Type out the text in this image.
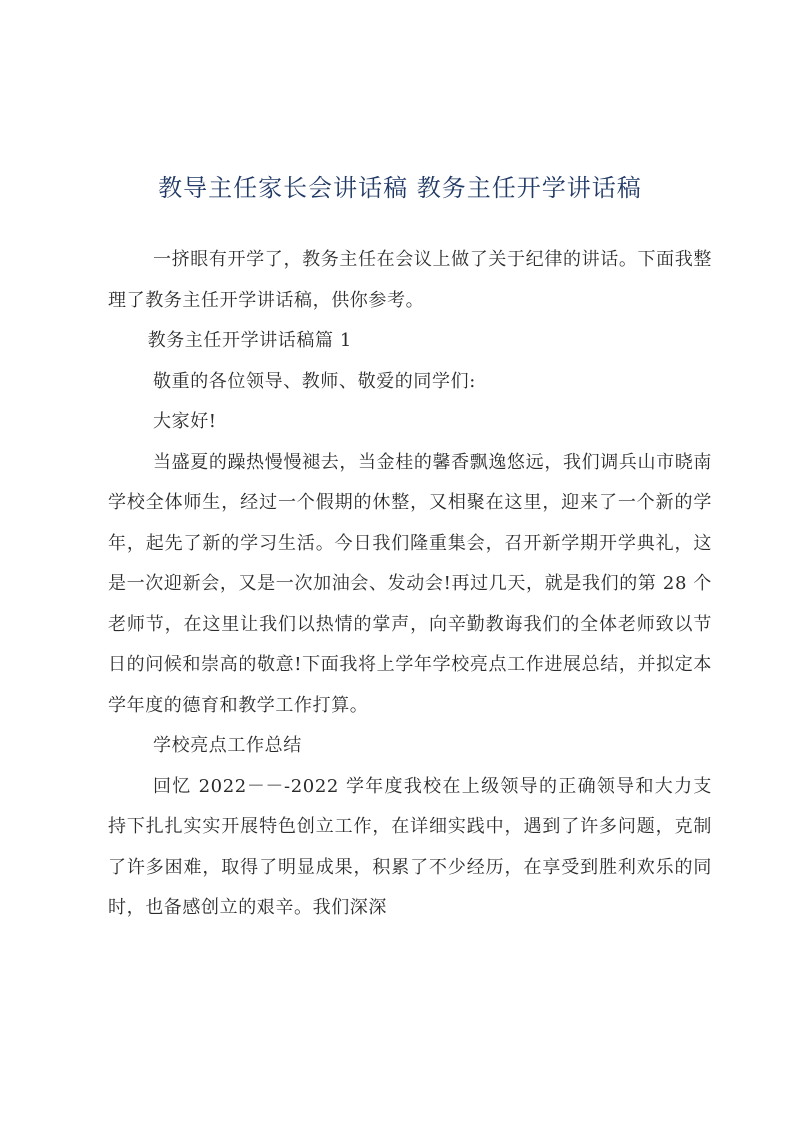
教导主任家长会讲话稿 教务主任开学讲话稿

一挤眼有开学了，教务主任在会议上做了关于纪律的讲话。下面我整理了教务主任开学讲话稿，供你参考。

教务主任开学讲话稿篇 1

敬重的各位领导、教师、敬爱的同学们:

大家好!

当盛夏的躁热慢慢褪去，当金桂的馨香飘逸悠远，我们调兵山市晓南学校全体师生，经过一个假期的休整，又相聚在这里，迎来了一个新的学年，起先了新的学习生活。今日我们隆重集会，召开新学期开学典礼，这是一次迎新会，又是一次加油会、发动会!再过几天，就是我们的第 28 个老师节，在这里让我们以热情的掌声，向辛勤教诲我们的全体老师致以节日的问候和崇高的敬意!下面我将上学年学校亮点工作进展总结，并拟定本学年度的德育和教学工作打算。

学校亮点工作总结

回忆 2022－－-2022 学年度我校在上级领导的正确领导和大力支持下扎扎实实开展特色创立工作，在详细实践中，遇到了许多问题，克制了许多困难，取得了明显成果，积累了不少经历，在享受到胜利欢乐的同时，也备感创立的艰辛。我们深深
